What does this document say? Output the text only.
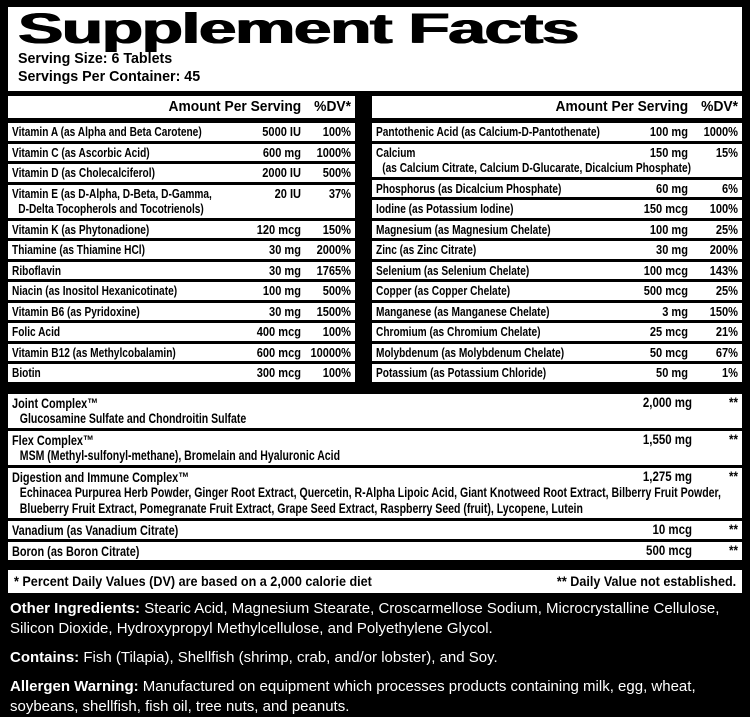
Supplement Facts
Serving Size: 6 Tablets
Servings Per Container: 45
Amount Per Serving %DV*
Vitamin A (as Alpha and Beta Carotene)	5000 IU	100%
Vitamin C (as Ascorbic Acid)	600 mg	1000%
Vitamin D (as Cholecalciferol)	2000 IU	500%
Vitamin E (as D-Alpha, D-Beta, D-Gamma,	20 IU	37%
D-Delta Tocopherols and Tocotrienols)
Vitamin K (as Phytonadione)	120 mcg	150%
Thiamine (as Thiamine HCl)	30 mg	2000%
Riboflavin	30 mg	1765%
Niacin (as Inositol Hexanicotinate)	100 mg	500%
Vitamin B6 (as Pyridoxine)	30 mg	1500%
Folic Acid	400 mcg	100%
Vitamin B12 (as Methylcobalamin)	600 mcg 10000%
Biotin	300 mcg	100%
Amount Per Serving %DV*
Pantothenic Acid (as Calcium-D-Pantothenate)	100 mg	1000%
Calcium	150 mg	15%
(as Calcium Citrate, Calcium D-Glucarate, Dicalcium Phosphate)
Phosphorus (as Dicalcium Phosphate)	60 mg	6%
Iodine (as Potassium Iodine)	150 mcg	100%
Magnesium (as Magnesium Chelate)	100 mg	25%
Zinc (as Zinc Citrate)	30 mg	200%
Selenium (as Selenium Chelate)	100 mcg	143%
Copper (as Copper Chelate)	500 mcg	25%
Manganese (as Manganese Chelate)	3 mg	150%
Chromium (as Chromium Chelate)	25 mcg	21%
Molybdenum (as Molybdenum Chelate)	50 mcg	67%
Potassium (as Potassium Chloride)	50 mg	1%
Joint Complex™	2,000 mg	**
Glucosamine Sulfate and Chondroitin Sulfate
Flex Complex™	1,550 mg	**
MSM (Methyl-sulfonyl-methane), Bromelain and Hyaluronic Acid
Digestion and Immune Complex™	1,275 mg	**
Echinacea Purpurea Herb Powder, Ginger Root Extract, Quercetin, R-Alpha Lipoic Acid, Giant Knotweed Root Extract, Bilberry Fruit Powder, Blueberry Fruit Extract, Pomegranate Fruit Extract, Grape Seed Extract, Raspberry Seed (fruit), Lycopene, Lutein
Vanadium (as Vanadium Citrate)	10 mcg	**
Boron (as Boron Citrate)	500 mcg	**
* Percent Daily Values (DV) are based on a 2,000 calorie diet	** Daily Value not established.

Other Ingredients: Stearic Acid, Magnesium Stearate, Croscarmellose Sodium, Microcrystalline Cellulose, Silicon Dioxide, Hydroxypropyl Methylcellulose, and Polyethylene Glycol.

Contains: Fish (Tilapia), Shellfish (shrimp, crab, and/or lobster), and Soy.

Allergen Warning: Manufactured on equipment which processes products containing milk, egg, wheat, soybeans, shellfish, fish oil, tree nuts, and peanuts.
